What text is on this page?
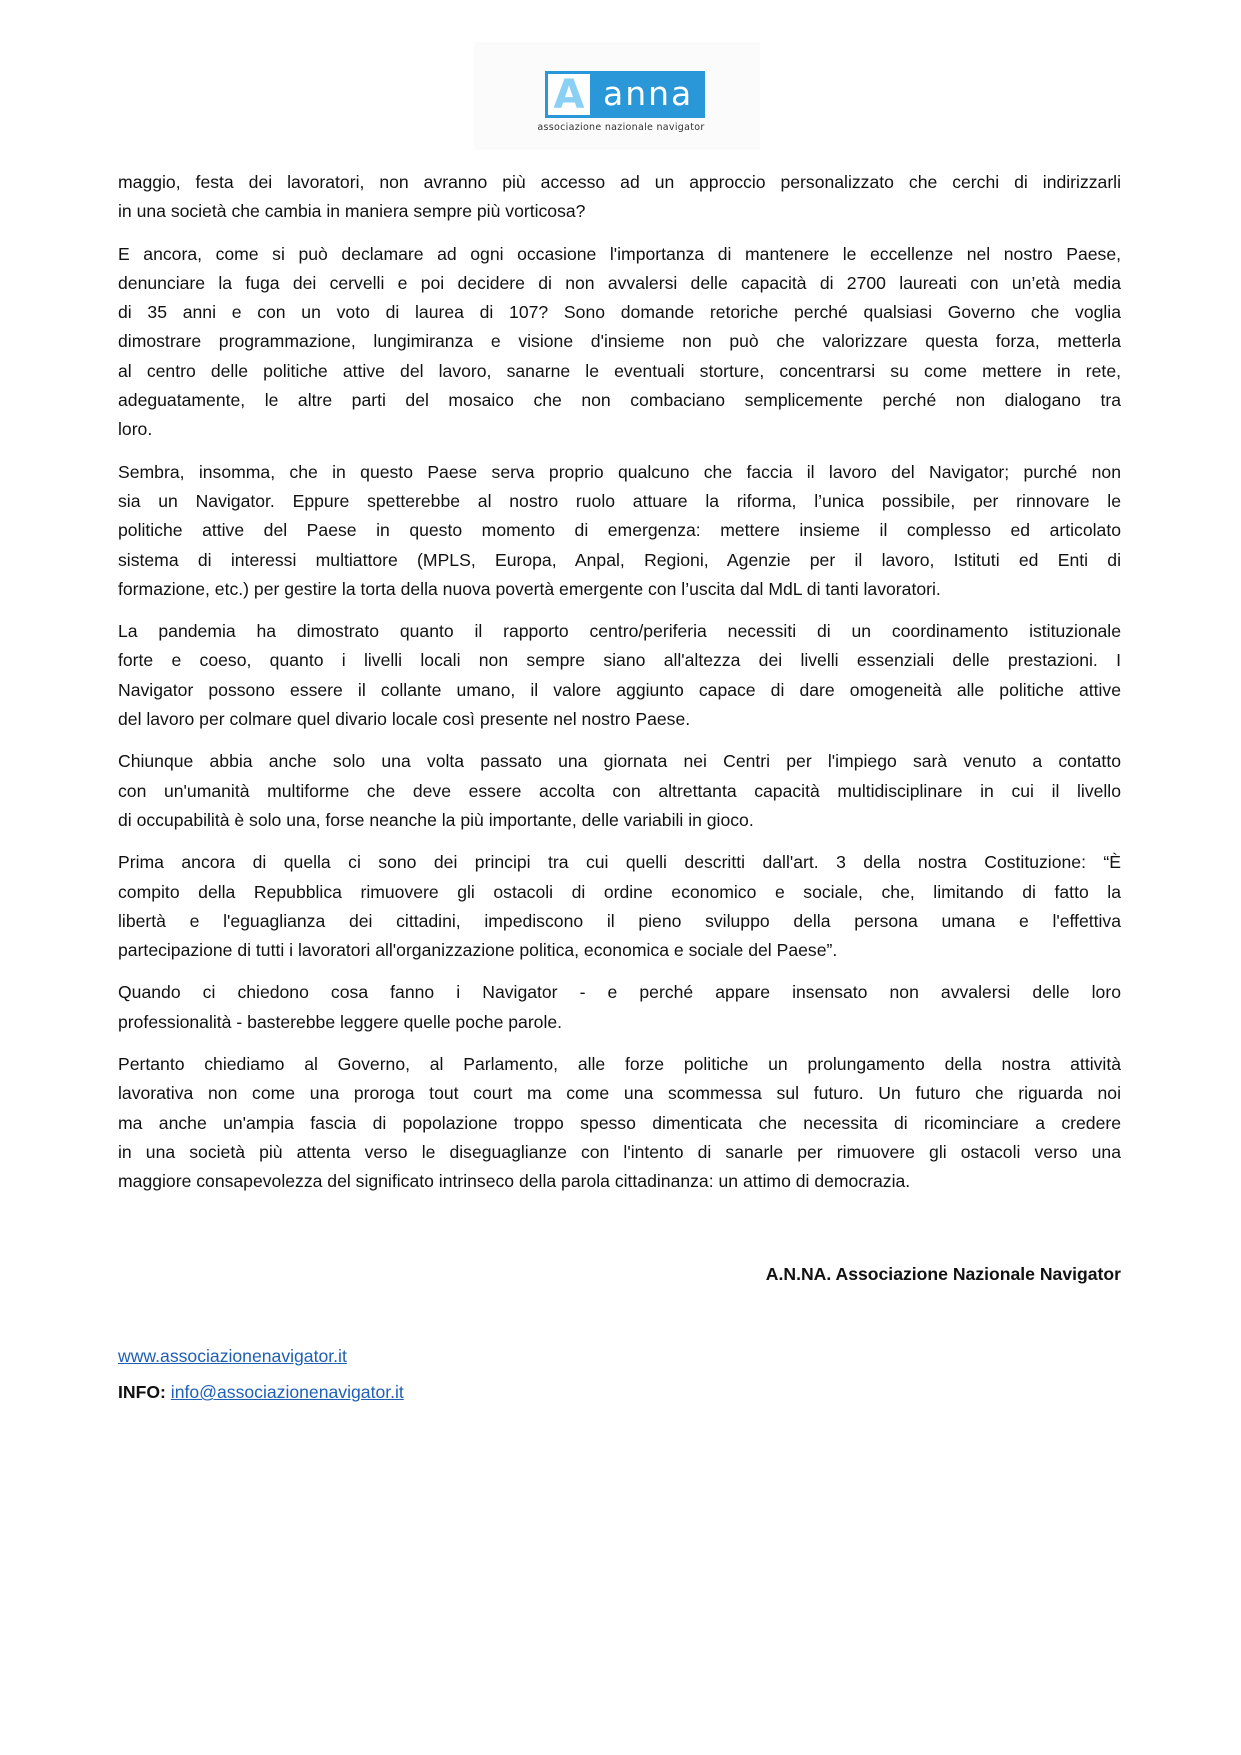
A anna
associazione nazionale navigator
maggio, festa dei lavoratori, non avranno più accesso ad un approccio personalizzato che cerchi di indirizzarli
in una società che cambia in maniera sempre più vorticosa?
E ancora, come si può declamare ad ogni occasione l'importanza di mantenere le eccellenze nel nostro Paese,
denunciare la fuga dei cervelli e poi decidere di non avvalersi delle capacità di 2700 laureati con un’età media
di 35 anni e con un voto di laurea di 107? Sono domande retoriche perché qualsiasi Governo che voglia
dimostrare programmazione, lungimiranza e visione d'insieme non può che valorizzare questa forza, metterla
al centro delle politiche attive del lavoro, sanarne le eventuali storture, concentrarsi su come mettere in rete,
adeguatamente, le altre parti del mosaico che non combaciano semplicemente perché non dialogano tra
loro.
Sembra, insomma, che in questo Paese serva proprio qualcuno che faccia il lavoro del Navigator; purché non
sia un Navigator. Eppure spetterebbe al nostro ruolo attuare la riforma, l’unica possibile, per rinnovare le
politiche attive del Paese in questo momento di emergenza: mettere insieme il complesso ed articolato
sistema di interessi multiattore (MPLS, Europa, Anpal, Regioni, Agenzie per il lavoro, Istituti ed Enti di
formazione, etc.) per gestire la torta della nuova povertà emergente con l’uscita dal MdL di tanti lavoratori.
La pandemia ha dimostrato quanto il rapporto centro/periferia necessiti di un coordinamento istituzionale
forte e coeso, quanto i livelli locali non sempre siano all'altezza dei livelli essenziali delle prestazioni. I
Navigator possono essere il collante umano, il valore aggiunto capace di dare omogeneità alle politiche attive
del lavoro per colmare quel divario locale così presente nel nostro Paese.
Chiunque abbia anche solo una volta passato una giornata nei Centri per l'impiego sarà venuto a contatto
con un'umanità multiforme che deve essere accolta con altrettanta capacità multidisciplinare in cui il livello
di occupabilità è solo una, forse neanche la più importante, delle variabili in gioco.
Prima ancora di quella ci sono dei principi tra cui quelli descritti dall'art. 3 della nostra Costituzione: “È
compito della Repubblica rimuovere gli ostacoli di ordine economico e sociale, che, limitando di fatto la
libertà e l'eguaglianza dei cittadini, impediscono il pieno sviluppo della persona umana e l'effettiva
partecipazione di tutti i lavoratori all'organizzazione politica, economica e sociale del Paese”.
Quando ci chiedono cosa fanno i Navigator - e perché appare insensato non avvalersi delle loro
professionalità - basterebbe leggere quelle poche parole.
Pertanto chiediamo al Governo, al Parlamento, alle forze politiche un prolungamento della nostra attività
lavorativa non come una proroga tout court ma come una scommessa sul futuro. Un futuro che riguarda noi
ma anche un'ampia fascia di popolazione troppo spesso dimenticata che necessita di ricominciare a credere
in una società più attenta verso le diseguaglianze con l'intento di sanarle per rimuovere gli ostacoli verso una
maggiore consapevolezza del significato intrinseco della parola cittadinanza: un attimo di democrazia.
A.N.NA. Associazione Nazionale Navigator
www.associazionenavigator.it
INFO: info@associazionenavigator.it
